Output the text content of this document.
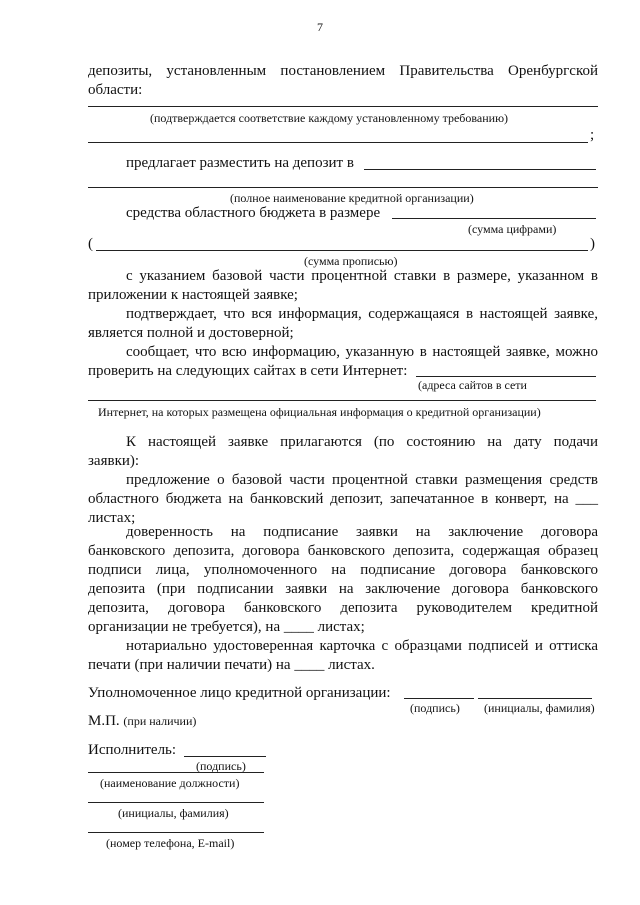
7
депозиты, установленным постановлением Правительства Оренбургской
области:
(подтверждается соответствие каждому установленному требованию)
;
предлагает разместить на депозит в
(полное наименование кредитной организации)
средства областного бюджета в размере
(сумма цифрами)
(	)
(сумма прописью)
с указанием базовой части процентной ставки в размере, указанном в
приложении к настоящей заявке;
подтверждает, что вся информация, содержащаяся в настоящей заявке,
является полной и достоверной;
сообщает, что всю информацию, указанную в настоящей заявке, можно
проверить на следующих сайтах в сети Интернет:
(адреса сайтов в сети
Интернет, на которых размещена официальная информация о кредитной организации)
К настоящей заявке прилагаются (по состоянию на дату подачи
заявки):
предложение о базовой части процентной ставки размещения средств
областного бюджета на банковский депозит, запечатанное в конверт, на ___
листах;
доверенность на подписание заявки на заключение договора
банковского депозита, договора банковского депозита, содержащая образец
подписи лица, уполномоченного на подписание договора банковского
депозита (при подписании заявки на заключение договора банковского
депозита, договора банковского депозита руководителем кредитной
организации не требуется), на ____ листах;
нотариально удостоверенная карточка с образцами подписей и оттиска
печати (при наличии печати) на ____ листах.
Уполномоченное лицо кредитной организации:
(подпись) (инициалы, фамилия)
М.П. (при наличии)
Исполнитель:
(подпись)
(наименование должности)
(инициалы, фамилия)
(номер телефона, E-mail)
